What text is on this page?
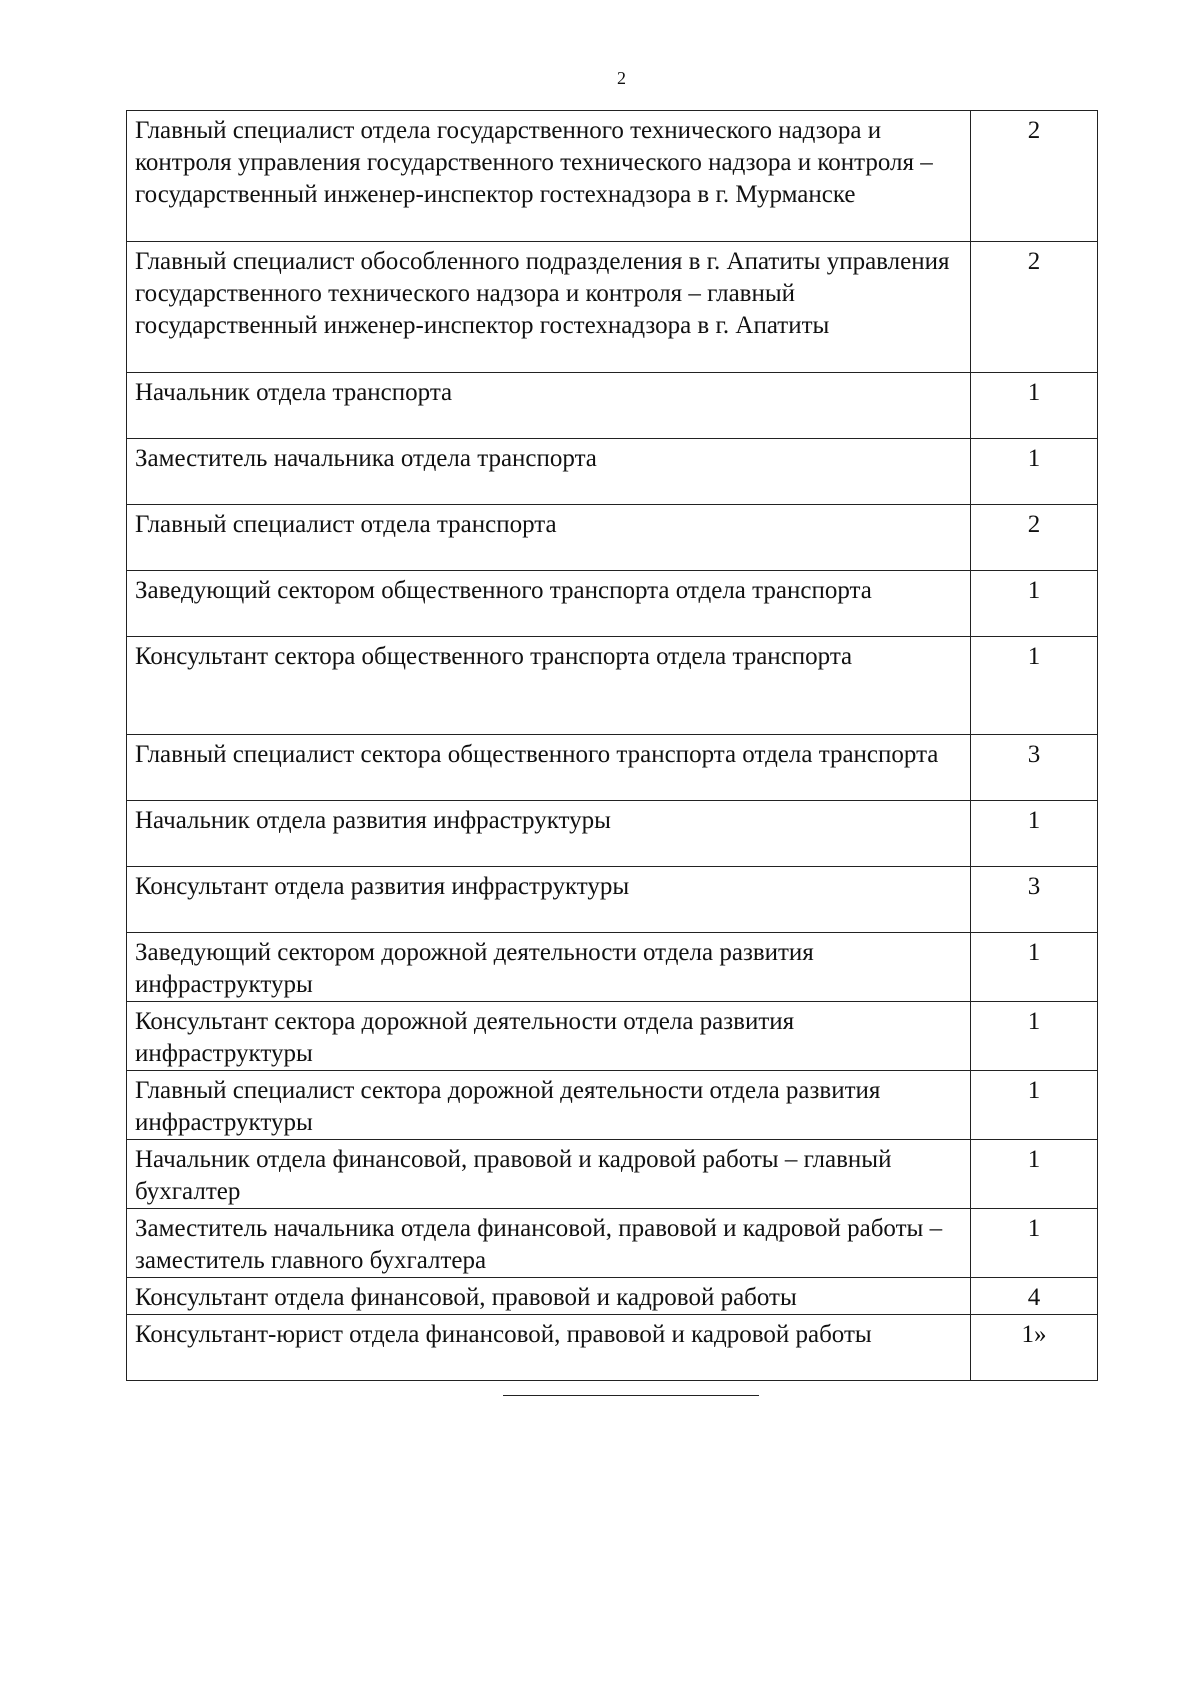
2
Главный специалист отдела государственного технического надзора и контроля управления государственного технического надзора и контроля – государственный инженер-инспектор гостехнадзора в г. Мурманске	2
Главный специалист обособленного подразделения в г. Апатиты управления государственного технического надзора и контроля – главный государственный инженер-инспектор гостехнадзора в г. Апатиты	2
Начальник отдела транспорта	1
Заместитель начальника отдела транспорта	1
Главный специалист отдела транспорта	2
Заведующий сектором общественного транспорта отдела транспорта	1
Консультант сектора общественного транспорта отдела транспорта	1
Главный специалист сектора общественного транспорта отдела транспорта	3
Начальник отдела развития инфраструктуры	1
Консультант отдела развития инфраструктуры	3
Заведующий сектором дорожной деятельности отдела развития инфраструктуры	1
Консультант сектора дорожной деятельности отдела развития инфраструктуры	1
Главный специалист сектора дорожной деятельности отдела развития инфраструктуры	1
Начальник отдела финансовой, правовой и кадровой работы – главный бухгалтер	1
Заместитель начальника отдела финансовой, правовой и кадровой работы – заместитель главного бухгалтера	1
Консультант отдела финансовой, правовой и кадровой работы	4
Консультант-юрист отдела финансовой, правовой и кадровой работы	1»
